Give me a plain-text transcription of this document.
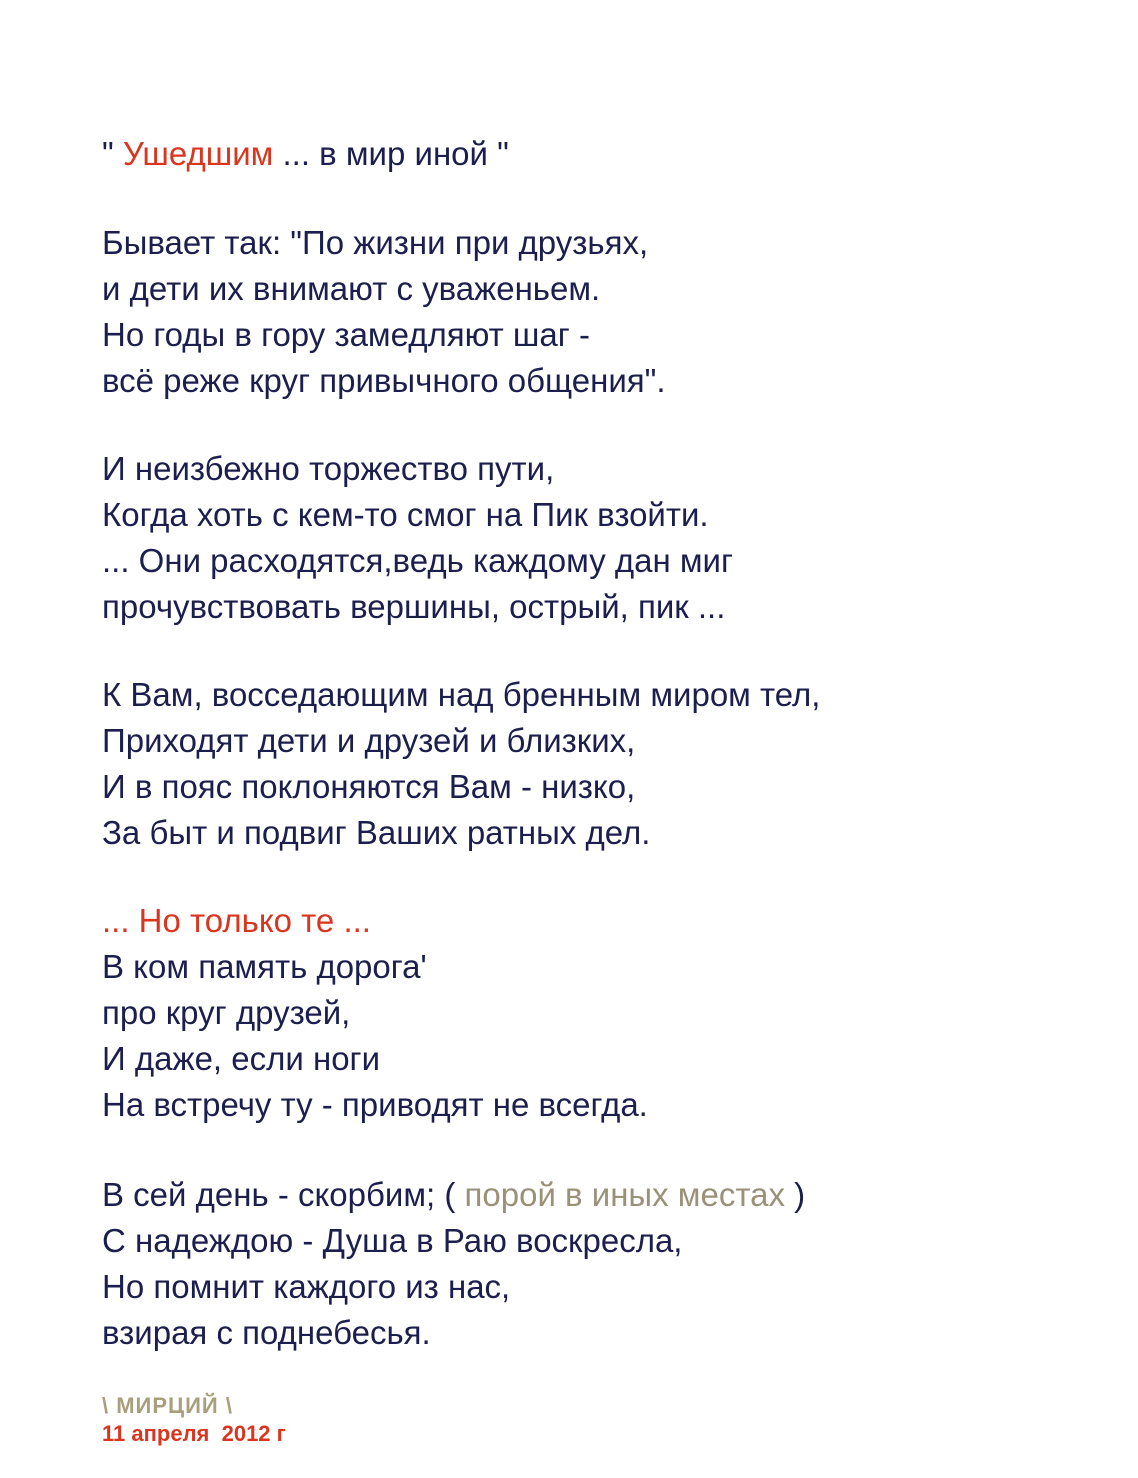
" Ушедшим ... в мир иной "

Бывает так: "По жизни при друзьях,

и дети их внимают с уваженьем.

Но годы в гору замедляют шаг -

всё реже круг привычного общения".

И неизбежно торжество пути,

Когда хоть с кем-то смог на Пик взойти.

... Они расходятся,ведь каждому дан миг

прочувствовать вершины, острый, пик ...

К Вам, восседающим над бренным миром тел,

Приходят дети и друзей и близких,

И в пояс поклоняются Вам - низко,

За быт и подвиг Ваших ратных дел.

... Но только те ...

В ком память дорога'

про круг друзей,

И даже, если ноги

На встречу ту - приводят не всегда.

В сей день - скорбим; ( порой в иных местах )

С надеждою - Душа в Раю воскресла,

Но помнит каждого из нас,

взирая с поднебесья.

\ МИРЦИЙ \
11 апреля  2012 г
